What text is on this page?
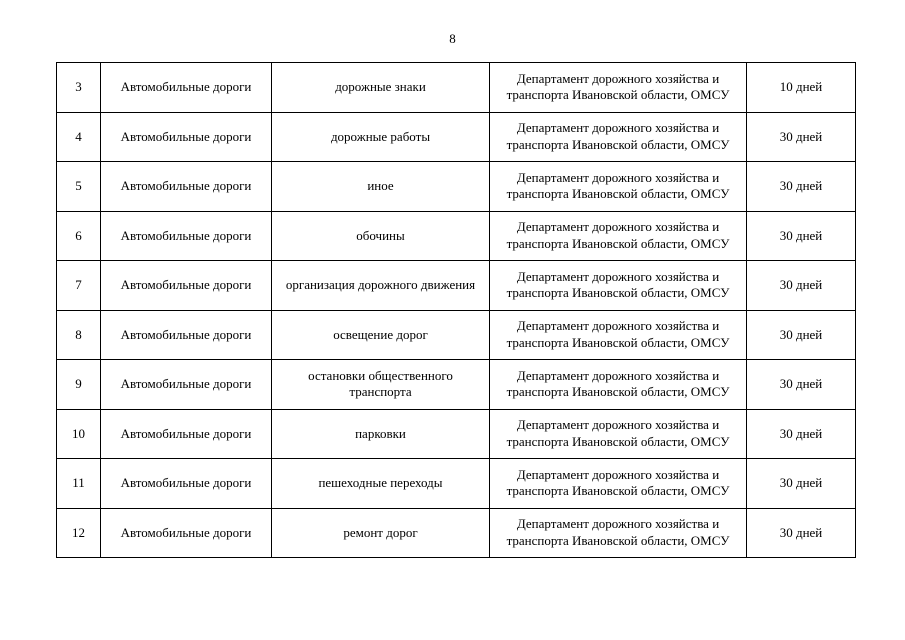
8
3	Автомобильные дороги	дорожные знаки	Департамент дорожного хозяйства и транспорта Ивановской области, ОМСУ	10 дней
4	Автомобильные дороги	дорожные работы	Департамент дорожного хозяйства и транспорта Ивановской области, ОМСУ	30 дней
5	Автомобильные дороги	иное	Департамент дорожного хозяйства и транспорта Ивановской области, ОМСУ	30 дней
6	Автомобильные дороги	обочины	Департамент дорожного хозяйства и транспорта Ивановской области, ОМСУ	30 дней
7	Автомобильные дороги	организация дорожного движения	Департамент дорожного хозяйства и транспорта Ивановской области, ОМСУ	30 дней
8	Автомобильные дороги	освещение дорог	Департамент дорожного хозяйства и транспорта Ивановской области, ОМСУ	30 дней
9	Автомобильные дороги	остановки общественного транспорта	Департамент дорожного хозяйства и транспорта Ивановской области, ОМСУ	30 дней
10	Автомобильные дороги	парковки	Департамент дорожного хозяйства и транспорта Ивановской области, ОМСУ	30 дней
11	Автомобильные дороги	пешеходные переходы	Департамент дорожного хозяйства и транспорта Ивановской области, ОМСУ	30 дней
12	Автомобильные дороги	ремонт дорог	Департамент дорожного хозяйства и транспорта Ивановской области, ОМСУ	30 дней
